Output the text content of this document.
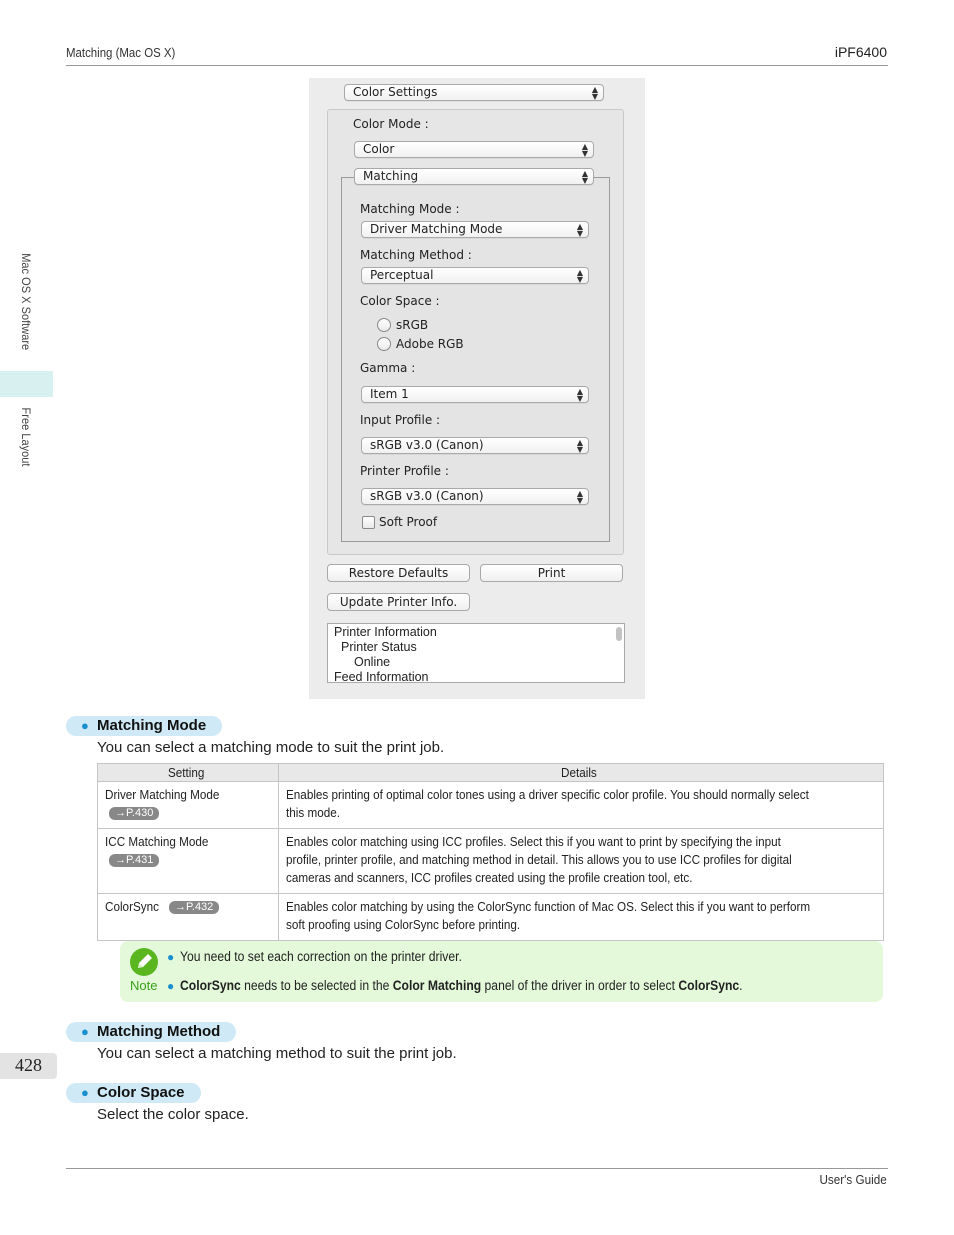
Matching (Mac OS X)	iPF6400
Mac OS X Software
Free Layout
428
Color Settings	▲
▼
Color Mode :
Color	▲
▼
Matching	▲
▼
Matching Mode :
Driver Matching Mode	▲
▼
Matching Method :
Perceptual	▲
▼
Color Space :
sRGB
Adobe RGB
Gamma :
Item 1	▲
▼
Input Profile :
sRGB v3.0 (Canon)	▲
▼
Printer Profile :
sRGB v3.0 (Canon)	▲
▼
Soft Proof
Restore Defaults	Print
Update Printer Info.
Printer Information
Printer Status
Online
Feed Information
● Matching Mode
You can select a matching mode to suit the print job.
Setting	Details
Driver Matching Mode→P.430	Enables printing of optimal color tones using a driver specific color profile. You should normally select this mode.
ICC Matching Mode→P.431	Enables color matching using ICC profiles. Select this if you want to print by specifying the input profile, printer profile, and matching method in detail. This allows you to use ICC profiles for digital cameras and scanners, ICC profiles created using the profile creation tool, etc.
ColorSync →P.432	Enables color matching by using the ColorSync function of Mac OS. Select this if you want to perform soft proofing using ColorSync before printing.
Note
● You need to set each correction on the printer driver.
● ColorSync needs to be selected in the Color Matching panel of the driver in order to select ColorSync.
● Matching Method
You can select a matching method to suit the print job.
● Color Space
Select the color space.
User's Guide
